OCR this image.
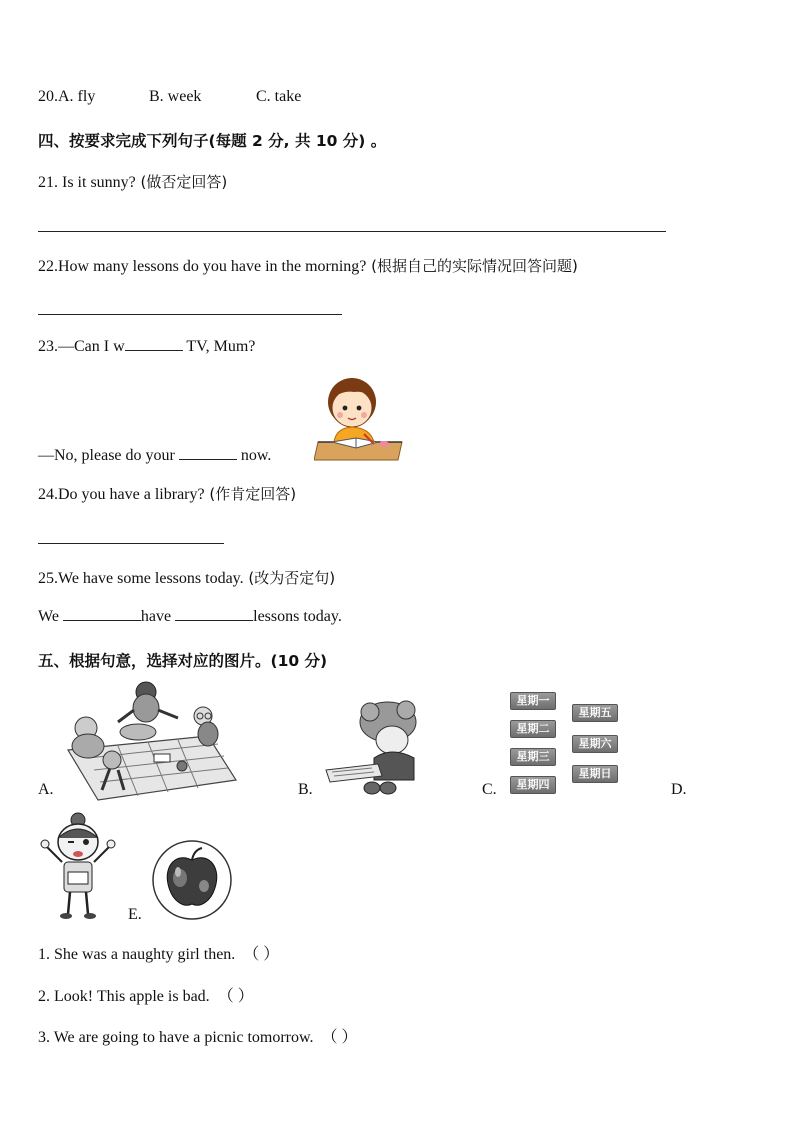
20.A. fly	B. week	C. take
四、按要求完成下列句子(每题 2 分, 共 10 分) 。
21. Is it sunny? (做否定回答)
22.How many lessons do you have in the morning? (根据自己的实际情况回答问题)
23.—Can I w	TV, Mum?
—No, please do your	now.
24.Do you have a library? (作肯定回答)
25.We have some lessons today. (改为否定句)
We	have	lessons today.
五、根据句意，选择对应的图片。(10 分)
A.	B.
星期一
星期二
星期三
星期四
星期五
星期六
星期日
C.	D.
E.
1. She was a naughty girl then. （ ）
2. Look! This apple is bad. （ ）
3. We are going to have a picnic tomorrow. （ ）
